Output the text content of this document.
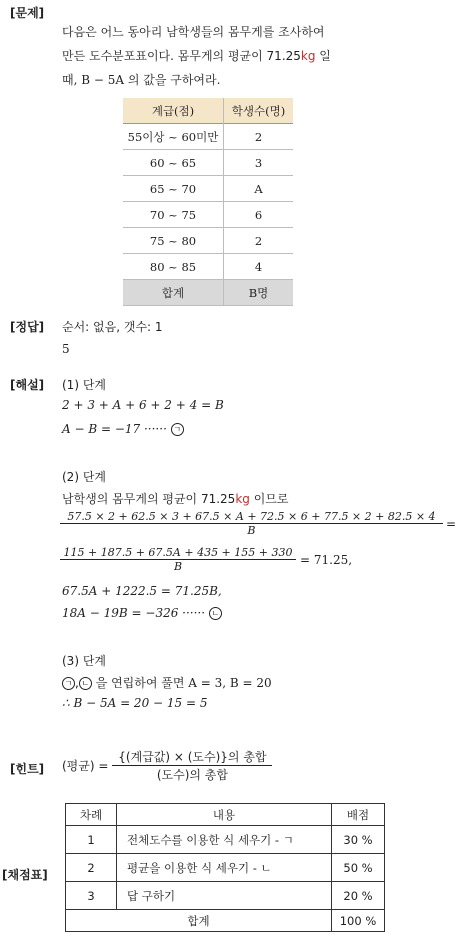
[문제]
다음은 어느 동아리 남학생들의 몸무게를 조사하여
만든 도수분포표이다. 몸무게의 평균이 71.25kg 일
때, B − 5A 의 값을 구하여라.
계급(점)	학생수(명)
55이상 ~ 60미만	2
60 ~ 65	3
65 ~ 70	A
70 ~ 75	6
75 ~ 80	2
80 ~ 85	4
합계	B명
[정답] 순서: 없음, 갯수: 1
5
[해설] (1) 단계
2 + 3 + A + 6 + 2 + 4 = B
A − B = −17 ······ ㄱ
(2) 단계
남학생의 몸무게의 평균이 71.25kg 이므로
57.5 × 2 + 62.5 × 3 + 67.5 × A + 72.5 × 6 + 77.5 × 2 + 82.5 × 4
B	=
$\frac{115 + 187.5 + 67.5A + 435 + 155 + 330}{B} = 71.25$,
67.5A + 1222.5 = 71.25B,
18A − 19B = −326 ······ ㄴ
(3) 단계
ㄱ , ㄴ 을 연립하여 풀면 A = 3, B = 20
∴ B − 5A = 20 − 15 = 5
[힌트] (평균) = $\frac{\text{\{(계급값) × (도수)\}의 총합}}{\text{(도수)의 총합}}$
[채점표]
차례	내용	배점
1	전체도수를 이용한 식 세우기 - ㄱ	30 %
2	평균을 이용한 식 세우기 - ㄴ	50 %
3	답 구하기	20 %
합계		100 %
